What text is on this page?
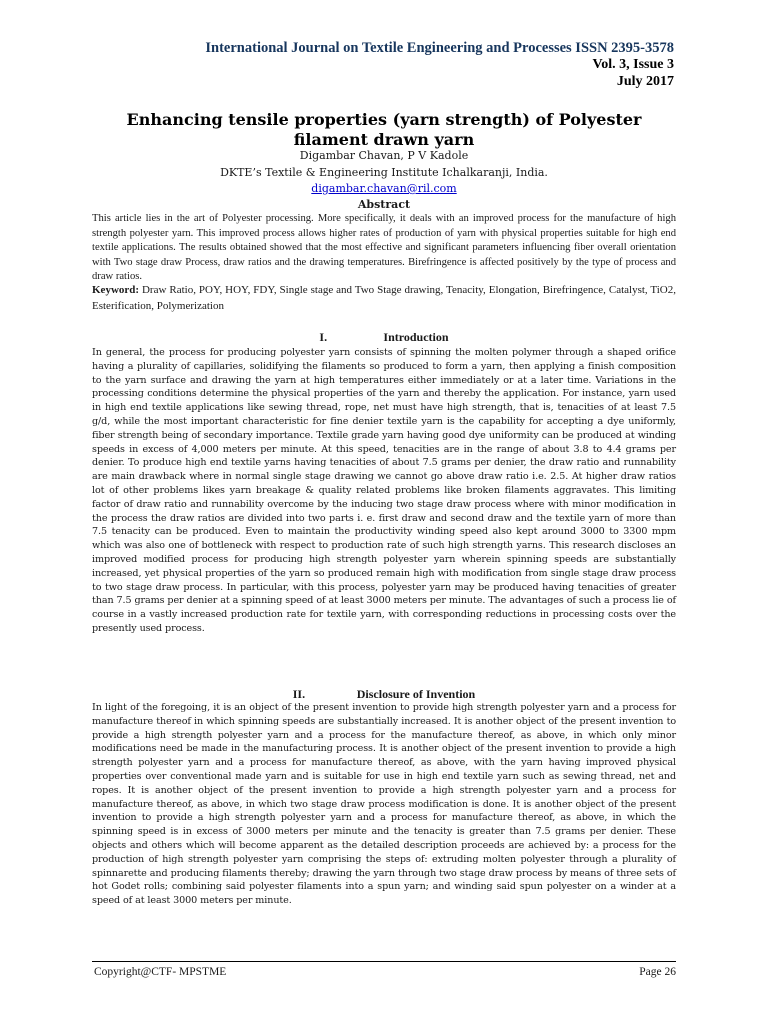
International Journal on Textile Engineering and Processes ISSN 2395-3578
Vol. 3, Issue 3
July 2017
Enhancing tensile properties (yarn strength) of Polyester filament drawn yarn
Digambar Chavan, P V Kadole
DKTE’s Textile & Engineering Institute Ichalkaranji, India.
digambar.chavan@ril.com
Abstract
This article lies in the art of Polyester processing. More specifically, it deals with an improved process for the manufacture of high strength polyester yarn. This improved process allows higher rates of production of yarn with physical properties suitable for high end textile applications. The results obtained showed that the most effective and significant parameters influencing fiber overall orientation with Two stage draw Process, draw ratios and the drawing temperatures. Birefringence is affected positively by the type of process and draw ratios.
Keyword: Draw Ratio, POY, HOY, FDY, Single stage and Two Stage drawing, Tenacity, Elongation, Birefringence, Catalyst, TiO2, Esterification, Polymerization
I.	Introduction
In general, the process for producing polyester yarn consists of spinning the molten polymer through a shaped orifice having a plurality of capillaries, solidifying the filaments so produced to form a yarn, then applying a finish composition to the yarn surface and drawing the yarn at high temperatures either immediately or at a later time. Variations in the processing conditions determine the physical properties of the yarn and thereby the application. For instance, yarn used in high end textile applications like sewing thread, rope, net must have high strength, that is, tenacities of at least 7.5 g/d, while the most important characteristic for fine denier textile yarn is the capability for accepting a dye uniformly, fiber strength being of secondary importance. Textile grade yarn having good dye uniformity can be produced at winding speeds in excess of 4,000 meters per minute. At this speed, tenacities are in the range of about 3.8 to 4.4 grams per denier. To produce high end textile yarns having tenacities of about 7.5 grams per denier, the draw ratio and runnability are main drawback where in normal single stage drawing we cannot go above draw ratio i.e. 2.5. At higher draw ratios lot of other problems likes yarn breakage & quality related problems like broken filaments aggravates. This limiting factor of draw ratio and runnability overcome by the inducing two stage draw process where with minor modification in the process the draw ratios are divided into two parts i. e. first draw and second draw and the textile yarn of more than 7.5 tenacity can be produced. Even to maintain the productivity winding speed also kept around 3000 to 3300 mpm which was also one of bottleneck with respect to production rate of such high strength yarns. This research discloses an improved modified process for producing high strength polyester yarn wherein spinning speeds are substantially increased, yet physical properties of the yarn so produced remain high with modification from single stage draw process to two stage draw process. In particular, with this process, polyester yarn may be produced having tenacities of greater than 7.5 grams per denier at a spinning speed of at least 3000 meters per minute. The advantages of such a process lie of course in a vastly increased production rate for textile yarn, with corresponding reductions in processing costs over the presently used process.
II.	Disclosure of Invention
In light of the foregoing, it is an object of the present invention to provide high strength polyester yarn and a process for manufacture thereof in which spinning speeds are substantially increased. It is another object of the present invention to provide a high strength polyester yarn and a process for the manufacture thereof, as above, in which only minor modifications need be made in the manufacturing process. It is another object of the present invention to provide a high strength polyester yarn and a process for manufacture thereof, as above, with the yarn having improved physical properties over conventional made yarn and is suitable for use in high end textile yarn such as sewing thread, net and ropes. It is another object of the present invention to provide a high strength polyester yarn and a process for manufacture thereof, as above, in which two stage draw process modification is done. It is another object of the present invention to provide a high strength polyester yarn and a process for manufacture thereof, as above, in which the spinning speed is in excess of 3000 meters per minute and the tenacity is greater than 7.5 grams per denier. These objects and others which will become apparent as the detailed description proceeds are achieved by: a process for the production of high strength polyester yarn comprising the steps of: extruding molten polyester through a plurality of spinnarette and producing filaments thereby; drawing the yarn through two stage draw process by means of three sets of hot Godet rolls; combining said polyester filaments into a spun yarn; and winding said spun polyester on a winder at a speed of at least 3000 meters per minute.
Copyright@CTF- MPSTME	Page 26
